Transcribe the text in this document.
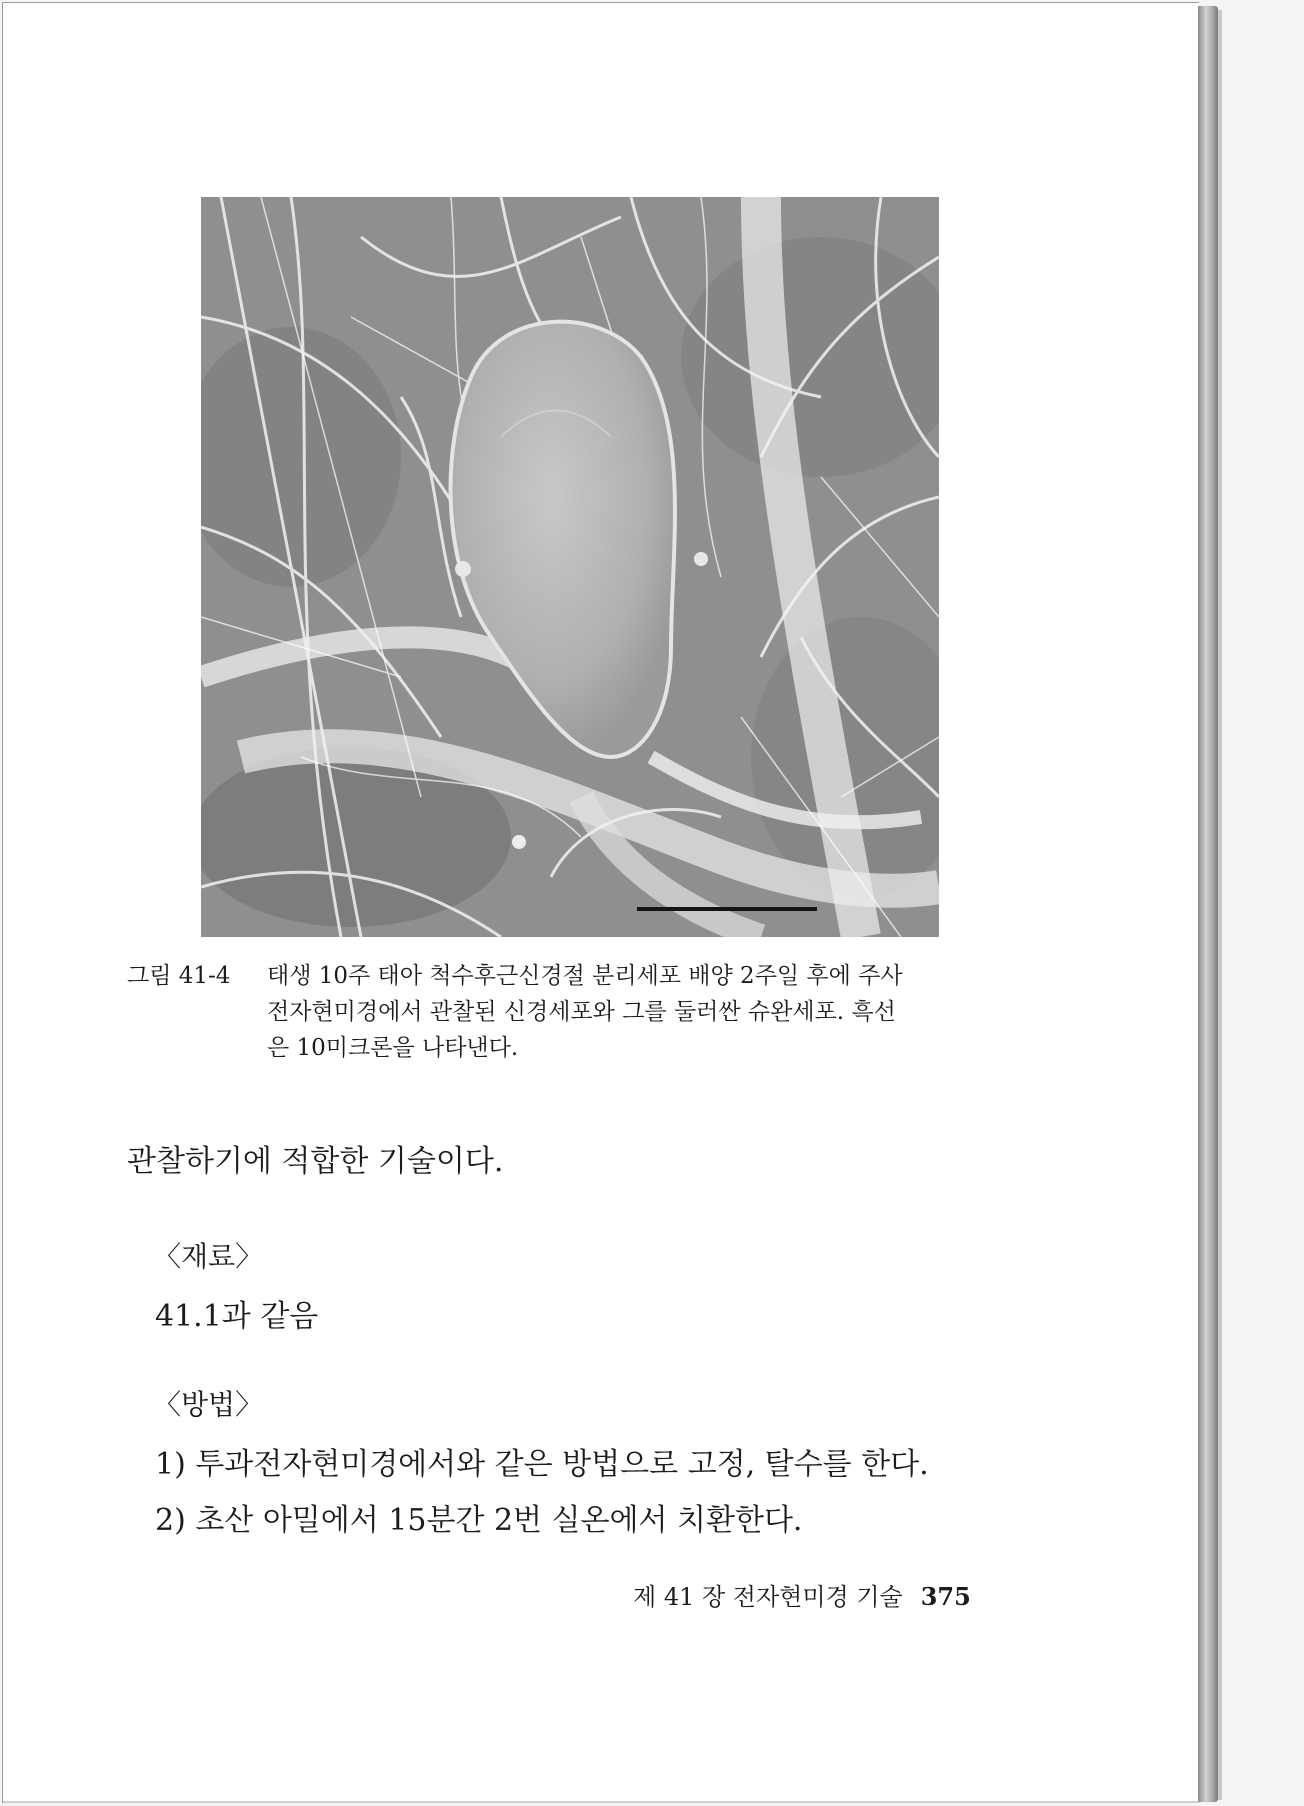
그림 41-4 태생 10주 태아 척수후근신경절 분리세포 배양 2주일 후에 주사
전자현미경에서 관찰된 신경세포와 그를 둘러싼 슈완세포. 흑선
은 10미크론을 나타낸다.
관찰하기에 적합한 기술이다.
〈재료〉
41.1과 같음
〈방법〉
1) 투과전자현미경에서와 같은 방법으로 고정, 탈수를 한다.
2) 초산 아밀에서 15분간 2번 실온에서 치환한다.
제 41 장 전자현미경 기술 375
